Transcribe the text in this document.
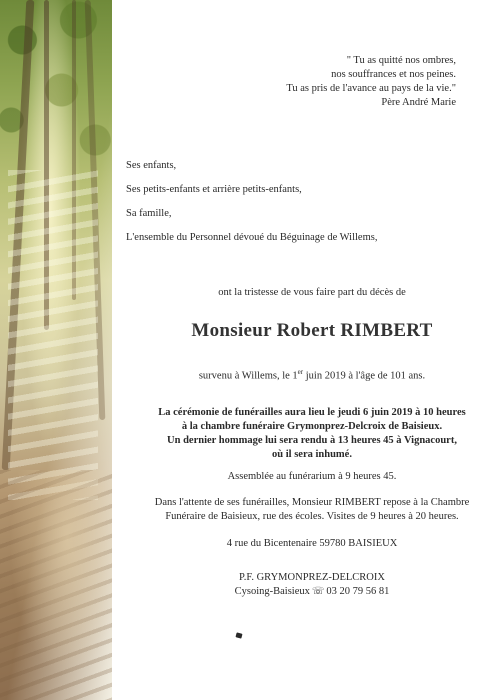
" Tu as quitté nos ombres,
nos souffrances et nos peines.
Tu as pris de l'avance au pays de la vie."
Père André Marie
Ses enfants,
Ses petits-enfants et arrière petits-enfants,
Sa famille,
L'ensemble du Personnel dévoué du Béguinage de Willems,
ont la tristesse de vous faire part du décès de
Monsieur Robert RIMBERT
survenu à Willems, le 1er juin 2019 à l'âge de 101 ans.
La cérémonie de funérailles aura lieu le jeudi 6 juin 2019 à 10 heures
à la chambre funéraire Grymonprez-Delcroix de Baisieux.
Un dernier hommage lui sera rendu à 13 heures 45 à Vignacourt,
où il sera inhumé.
Assemblée au funérarium à 9 heures 45.
Dans l'attente de ses funérailles, Monsieur RIMBERT repose à la Chambre
Funéraire de Baisieux, rue des écoles. Visites de 9 heures à 20 heures.
4 rue du Bicentenaire 59780 BAISIEUX
P.F. GRYMONPREZ-DELCROIX
Cysoing-Baisieux ☏ 03 20 79 56 81
